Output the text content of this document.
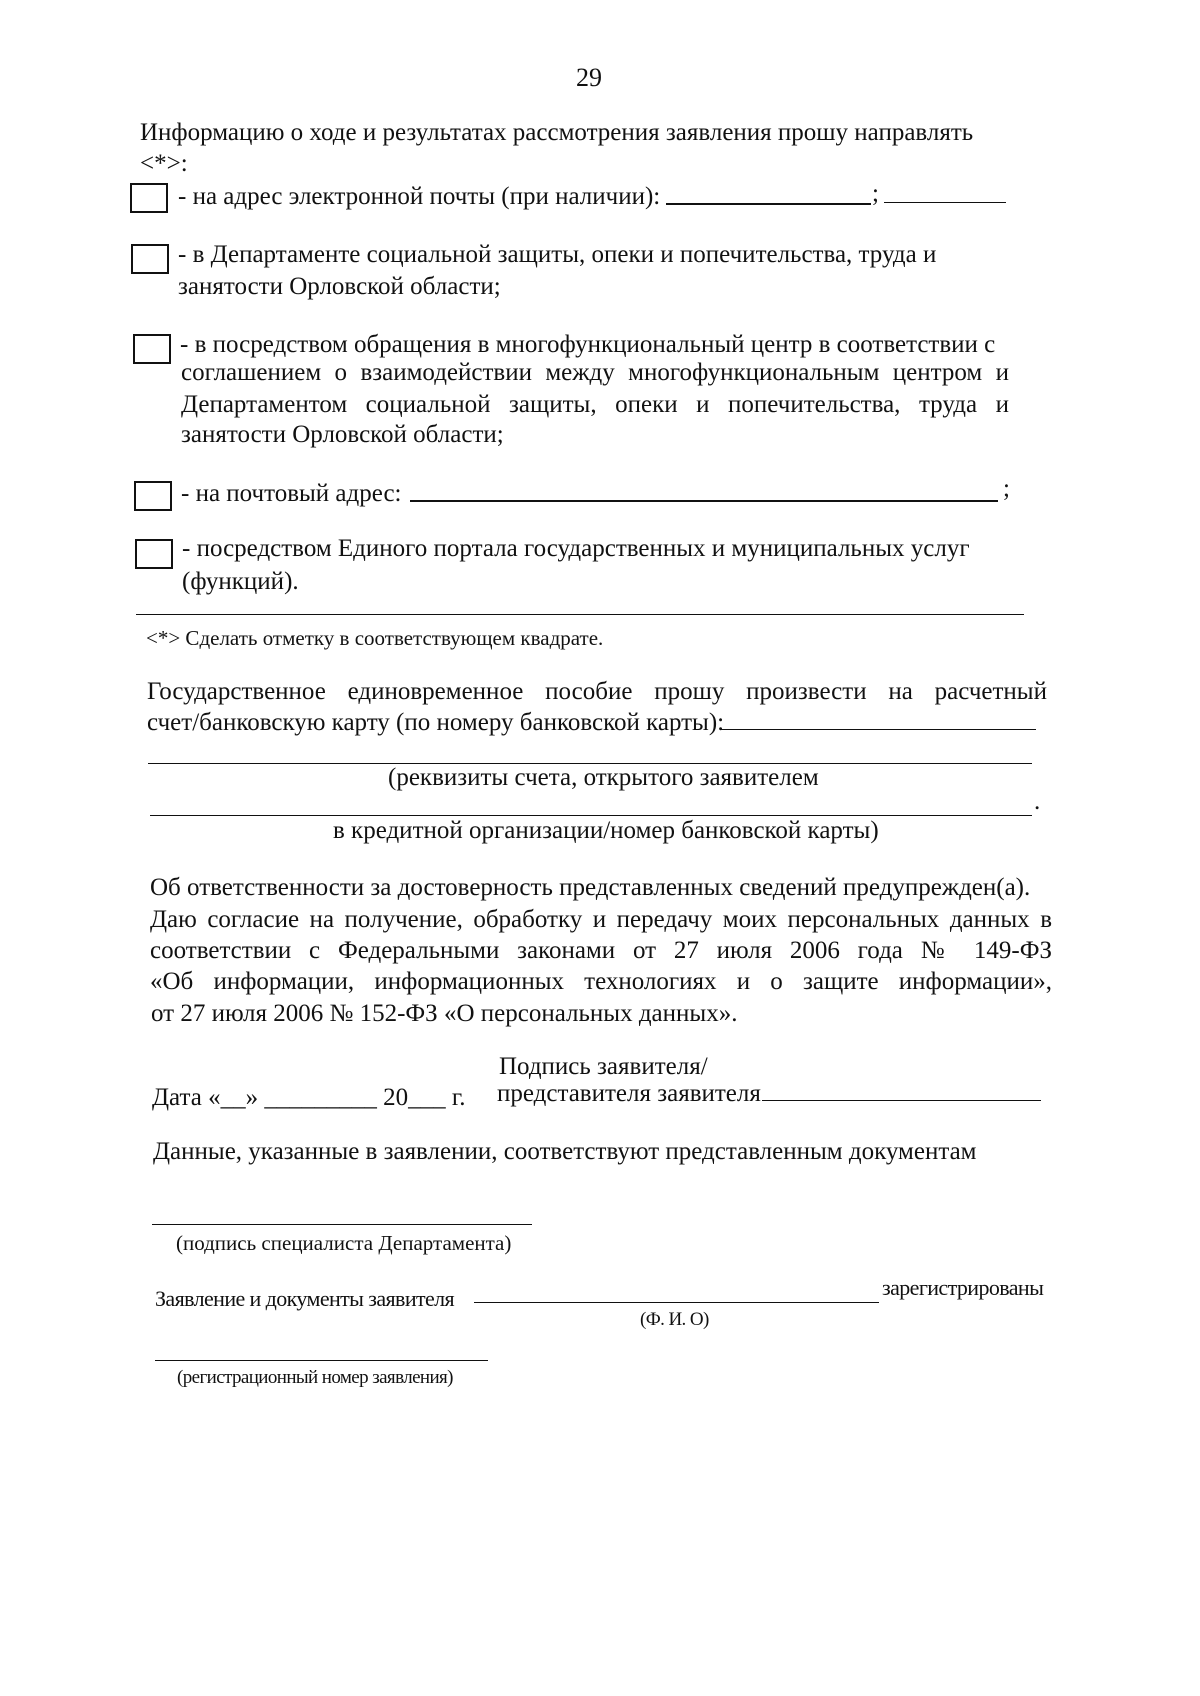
29
Информацию о ходе и результатах рассмотрения заявления прошу направлять
<*>:
- на адрес электронной почты (при наличии):	;
- в Департаменте социальной защиты, опеки и попечительства, труда и
занятости Орловской области;
- в посредством обращения в многофункциональный центр в соответствии с
соглашением о взаимодействии между многофункциональным центром и
Департаментом социальной защиты, опеки и попечительства, труда и
занятости Орловской области;
- на почтовый адрес:	;
- посредством Единого портала государственных и муниципальных услуг
(функций).
<*> Сделать отметку в соответствующем квадрате.
Государственное единовременное пособие прошу произвести на расчетный
счет/банковскую карту (по номеру банковской карты):
(реквизиты счета, открытого заявителем
.
в кредитной организации/номер банковской карты)
Об ответственности за достоверность представленных сведений предупрежден(а).
Даю согласие на получение, обработку и передачу моих персональных данных в
соответствии с Федеральными законами от 27 июля 2006 года № 149-ФЗ
«Об информации, информационных технологиях и о защите информации»,
от 27 июля 2006 № 152-ФЗ «О персональных данных».
Подпись заявителя/
Дата «__» _________ 20___ г. представителя заявителя
Данные, указанные в заявлении, соответствуют представленным документам
(подпись специалиста Департамента)
Заявление и документы заявителя	зарегистрированы
(Ф. И. О)
(регистрационный номер заявления)
